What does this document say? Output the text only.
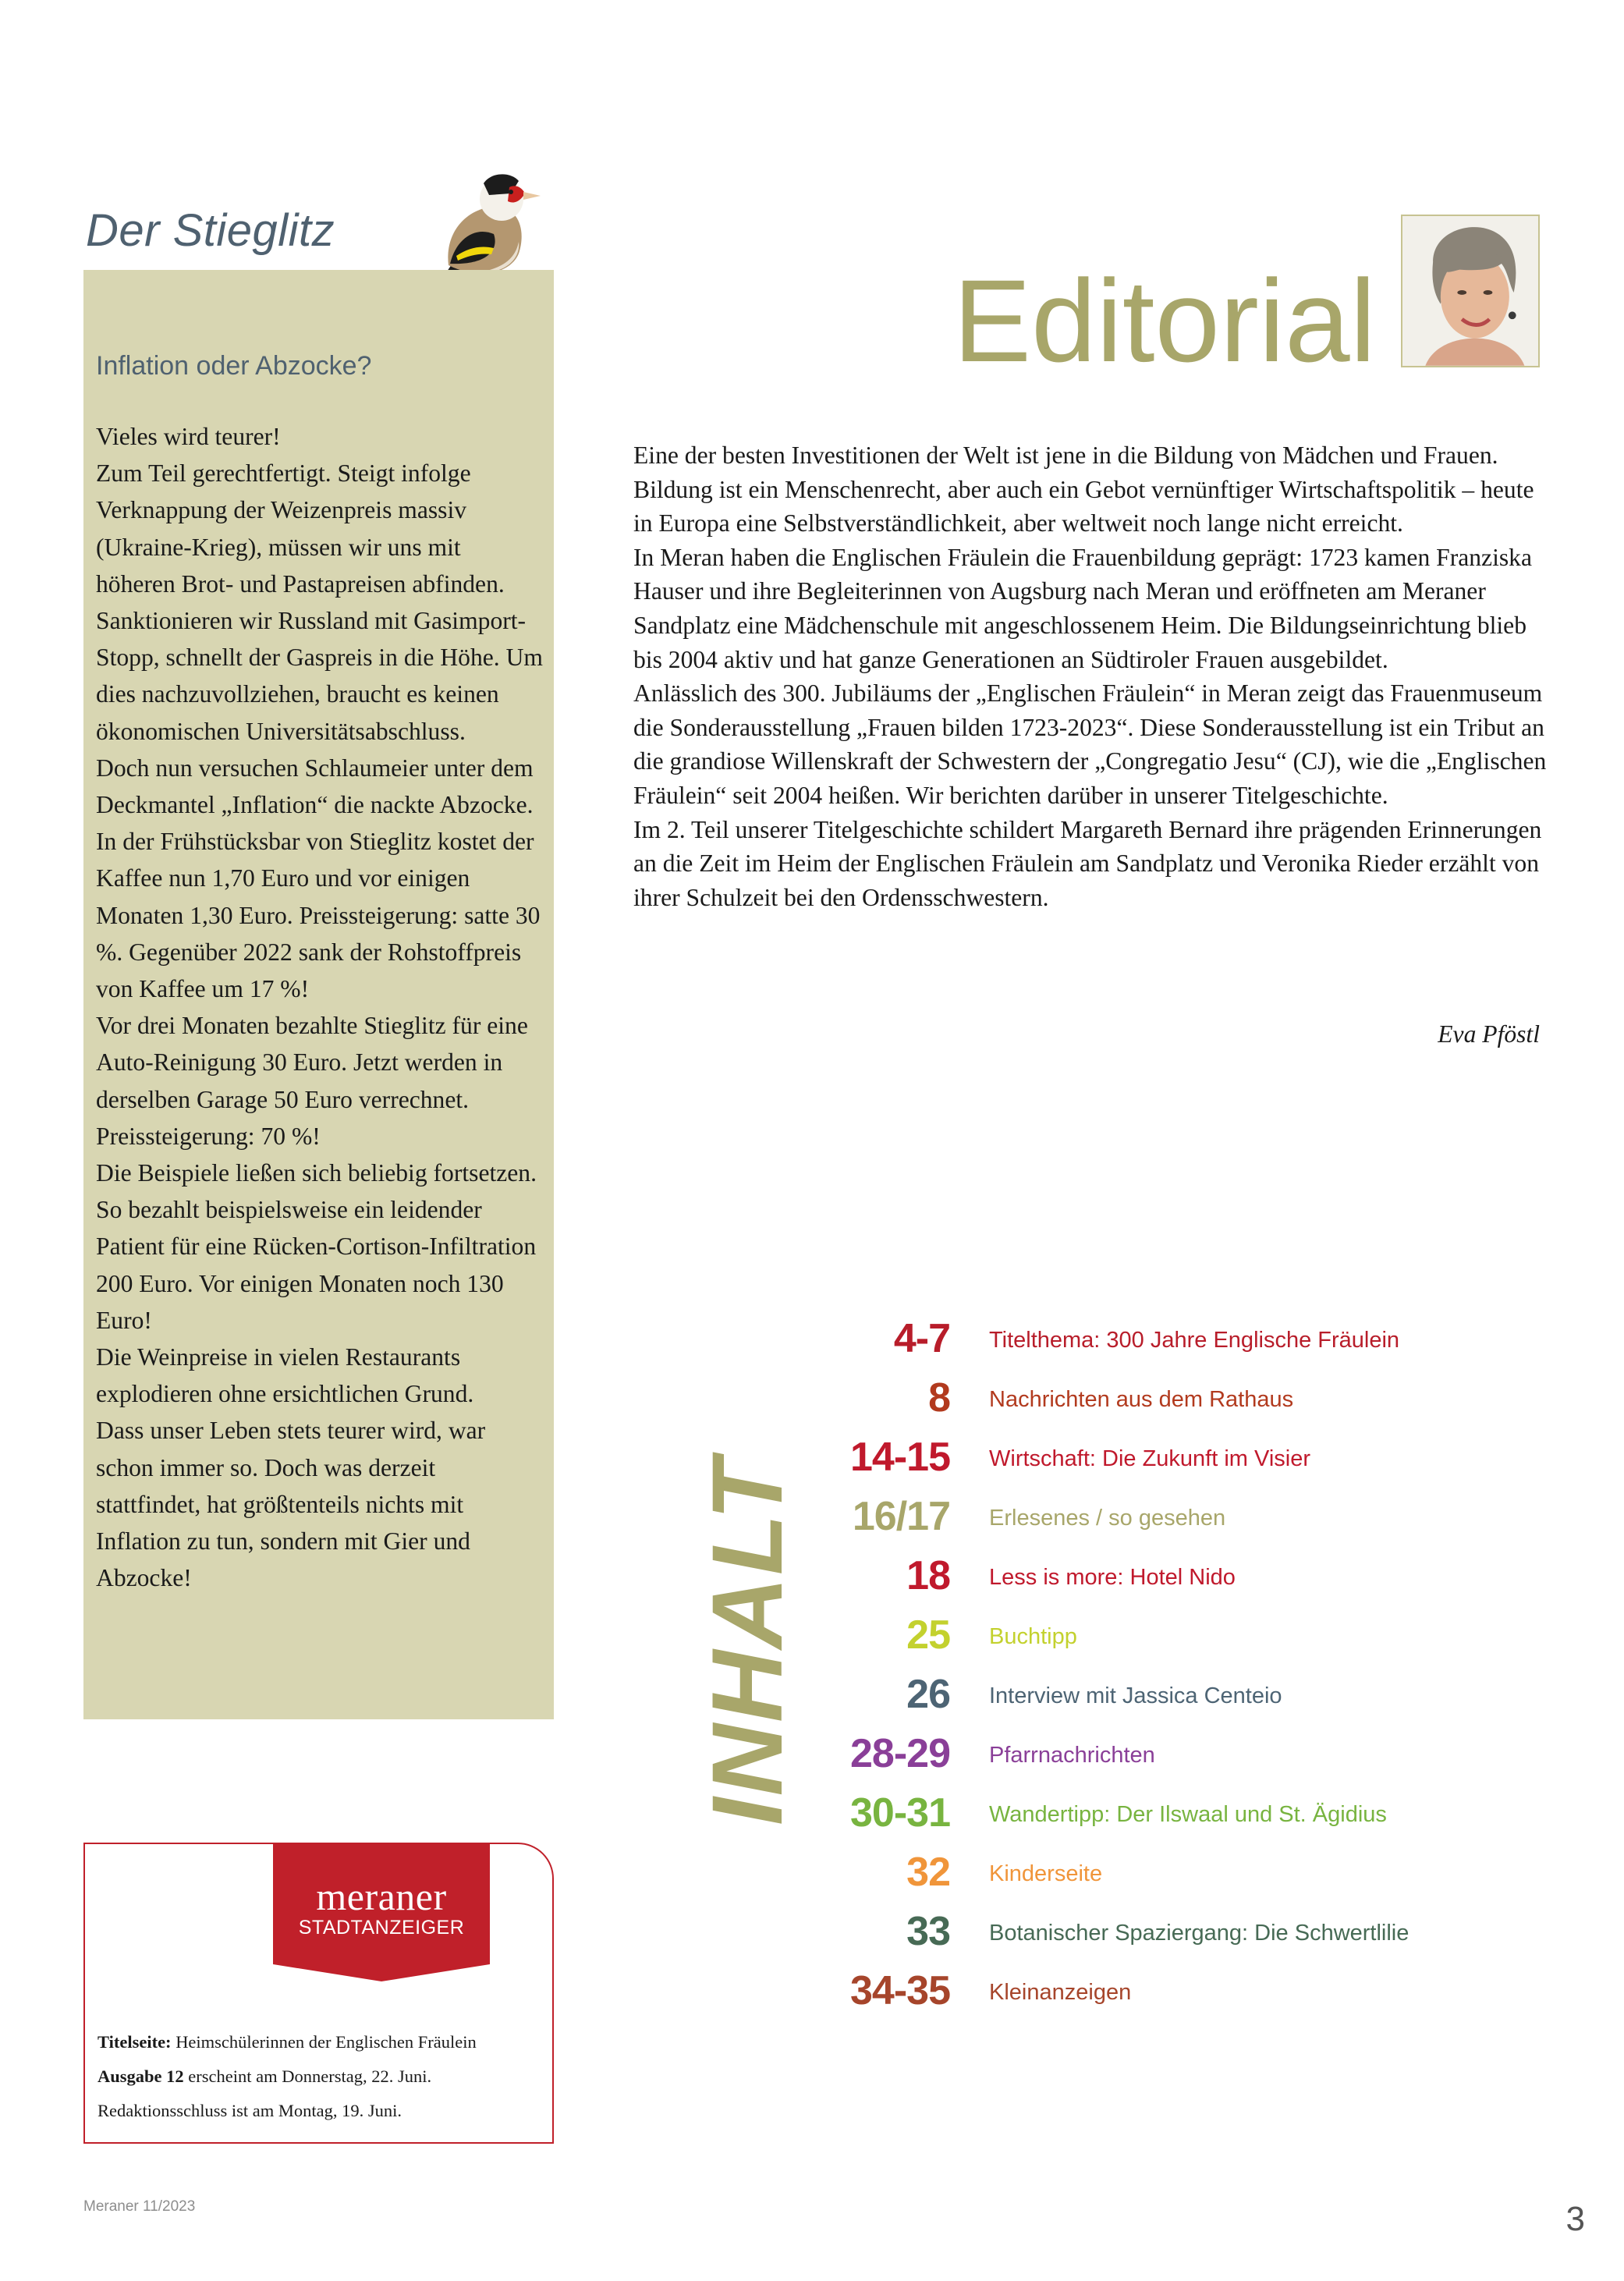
Der Stieglitz
Inflation oder Abzocke?

Vieles wird teurer!

Zum Teil gerechtfertigt. Steigt infolge Verknappung der Weizenpreis massiv (Ukraine-Krieg), müssen wir uns mit höheren Brot- und Pastapreisen abfinden. Sanktionieren wir Russland mit Gasimport-Stopp, schnellt der Gaspreis in die Höhe. Um dies nachzuvollziehen, braucht es keinen ökonomischen Universitätsabschluss.

Doch nun versuchen Schlaumeier unter dem Deckmantel „Inflation“ die nackte Abzocke.

In der Frühstücksbar von Stieglitz kostet der Kaffee nun 1,70 Euro und vor einigen Monaten 1,30 Euro. Preissteigerung: satte 30 %. Gegenüber 2022 sank der Rohstoffpreis von Kaffee um 17 %!

Vor drei Monaten bezahlte Stieglitz für eine Auto-Reinigung 30 Euro. Jetzt werden in derselben Garage 50 Euro verrechnet. Preissteigerung: 70 %!

Die Beispiele ließen sich beliebig fortsetzen.

So bezahlt beispielsweise ein leidender Patient für eine Rücken-Cortison-Infiltration 200 Euro. Vor einigen Monaten noch 130 Euro!

Die Weinpreise in vielen Restaurants explodieren ohne ersichtlichen Grund.

Dass unser Leben stets teurer wird, war schon immer so. Doch was derzeit stattfindet, hat größtenteils nichts mit Inflation zu tun, sondern mit Gier und Abzocke!

meraner
STADTANZEIGER
Titelseite: Heimschülerinnen der Englischen Fräulein
Ausgabe 12 erscheint am Donnerstag, 22. Juni.
Redaktionsschluss ist am Montag, 19. Juni.
Editorial

Eine der besten Investitionen der Welt ist jene in die Bildung von Mädchen und Frauen. Bildung ist ein Menschenrecht, aber auch ein Gebot vernünftiger Wirtschaftspolitik – heute in Europa eine Selbstverständlichkeit, aber weltweit noch lange nicht erreicht.

In Meran haben die Englischen Fräulein die Frauenbildung geprägt: 1723 kamen Franziska Hauser und ihre Begleiterinnen von Augsburg nach Meran und eröffneten am Meraner Sandplatz eine Mädchenschule mit angeschlossenem Heim. Die Bildungseinrichtung blieb bis 2004 aktiv und hat ganze Generationen an Südtiroler Frauen ausgebildet.

Anlässlich des 300. Jubiläums der „Englischen Fräulein“ in Meran zeigt das Frauenmuseum die Sonderausstellung „Frauen bilden 1723-2023“. Diese Sonderausstellung ist ein Tribut an die grandiose Willenskraft der Schwestern der „Congregatio Jesu“ (CJ), wie die „Englischen Fräulein“ seit 2004 heißen. Wir berichten darüber in unserer Titelgeschichte.

Im 2. Teil unserer Titelgeschichte schildert Margareth Bernard ihre prägenden Erinnerungen an die Zeit im Heim der Englischen Fräulein am Sandplatz und Veronika Rieder erzählt von ihrer Schulzeit bei den Ordensschwestern.

Eva Pföstl
INHALT
4-7 Titelthema: 300 Jahre Englische Fräulein
8 Nachrichten aus dem Rathaus
14-15 Wirtschaft: Die Zukunft im Visier
16/17 Erlesenes / so gesehen
18 Less is more: Hotel Nido
25 Buchtipp
26 Interview mit Jassica Centeio
28-29 Pfarrnachrichten
30-31 Wandertipp: Der Ilswaal und St. Ägidius
32 Kinderseite
33 Botanischer Spaziergang: Die Schwertlilie
34-35 Kleinanzeigen
Meraner 11/2023	3
